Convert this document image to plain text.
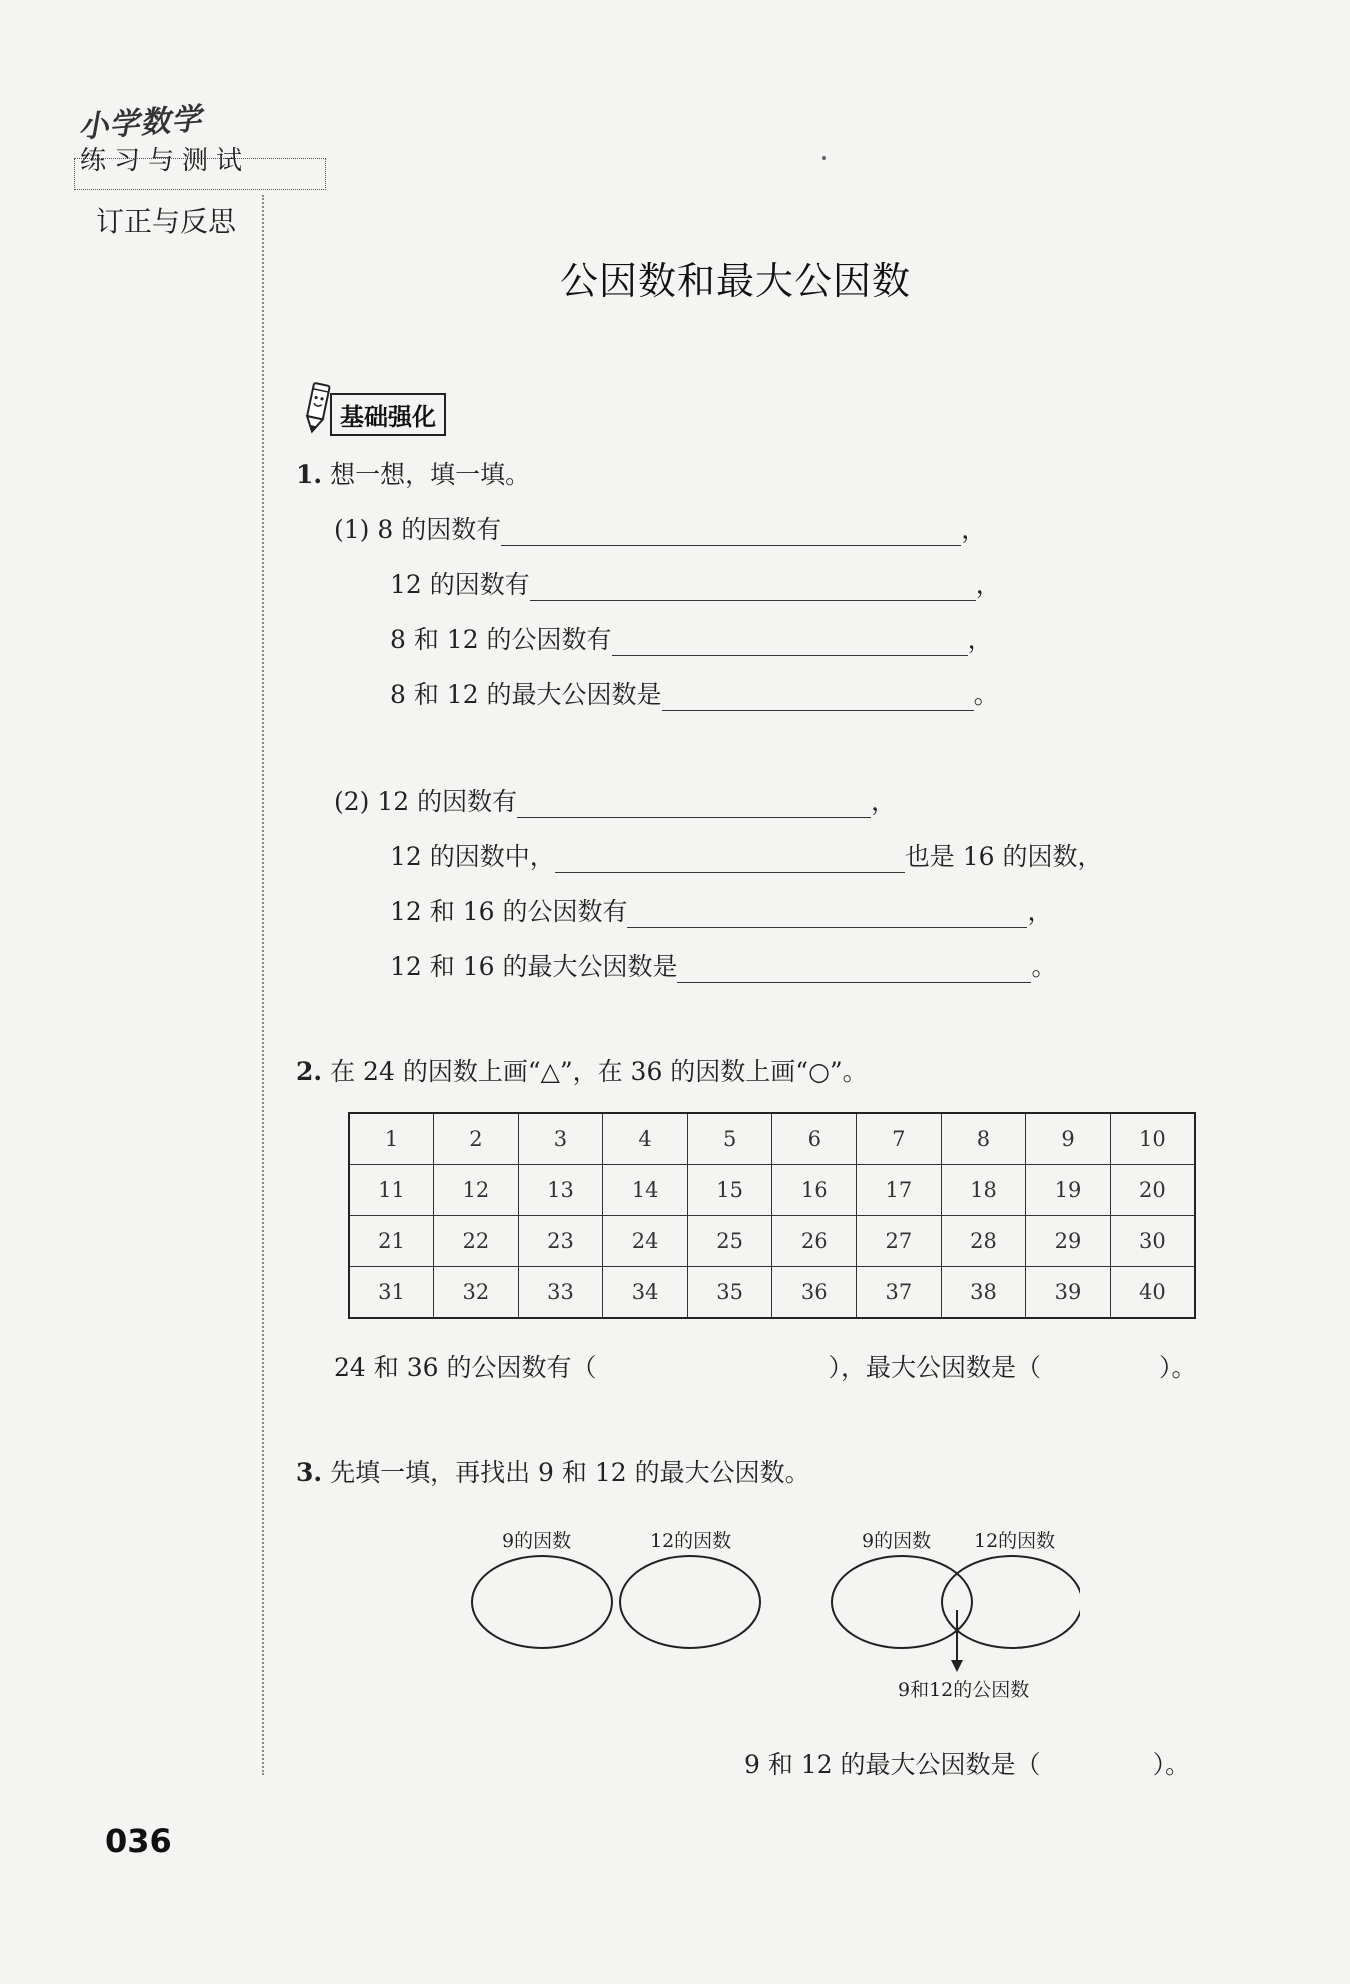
小学数学
练习与测试
订正与反思
公因数和最大公因数
基础强化
1. 想一想，填一填。
(1) 8 的因数有	，
12 的因数有	，
8 和 12 的公因数有	，
8 和 12 的最大公因数是	。
(2) 12 的因数有	，
12 的因数中，	也是 16 的因数，
12 和 16 的公因数有	，
12 和 16 的最大公因数是	。
2. 在 24 的因数上画“△”，在 36 的因数上画“○”。
1	2	3	4	5	6	7	8	9	10
11	12	13	14	15	16	17	18	19	20
21	22	23	24	25	26	27	28	29	30
31	32	33	34	35	36	37	38	39	40
24 和 36 的公因数有（	），最大公因数是（	）。
3. 先填一填，再找出 9 和 12 的最大公因数。
9的因数	12的因数	9的因数 12的因数
9和12的公因数
9 和 12 的最大公因数是（	）。
036
